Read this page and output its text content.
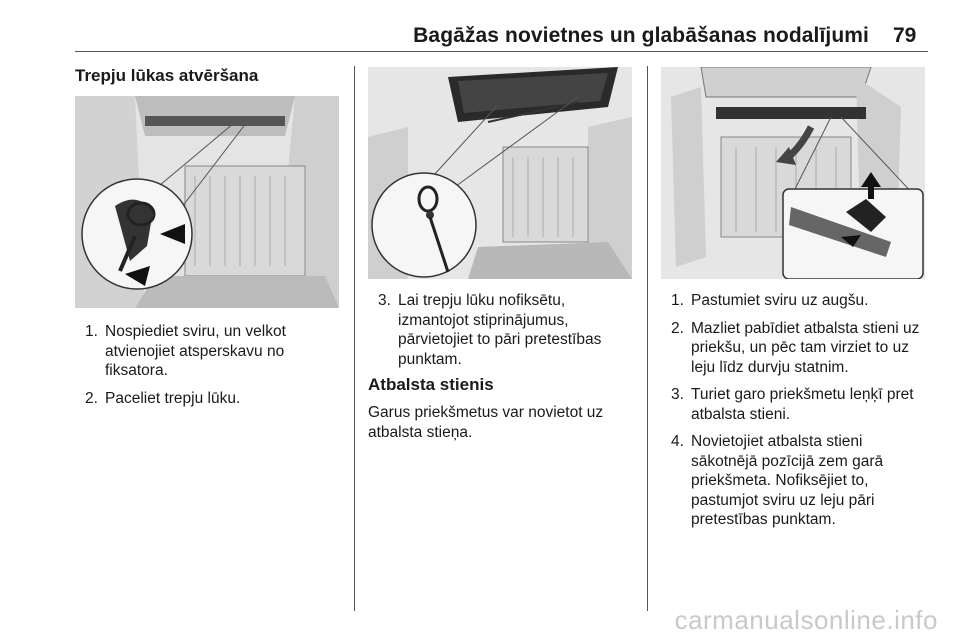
Bagāžas novietnes un glabāšanas nodalījumi 79
Trepju lūkas atvēršana
1. Nospiediet sviru, un velkot atvienojiet atsperskavu no fiksatora.
2. Paceliet trepju lūku.
3. Lai trepju lūku nofiksētu, izmantojot stiprinājumus, pārvietojiet to pāri pretestības punktam.
Atbalsta stienis

Garus priekšmetus var novietot uz atbalsta stieņa.

1. Pastumiet sviru uz augšu.
2. Mazliet pabīdiet atbalsta stieni uz priekšu, un pēc tam virziet to uz leju līdz durvju statnim.
3. Turiet garo priekšmetu leņķī pret atbalsta stieni.
4. Novietojiet atbalsta stieni sākotnējā pozīcijā zem garā priekšmeta. Nofiksējiet to, pastumjot sviru uz leju pāri pretestības punktam.
carmanualsonline.info
